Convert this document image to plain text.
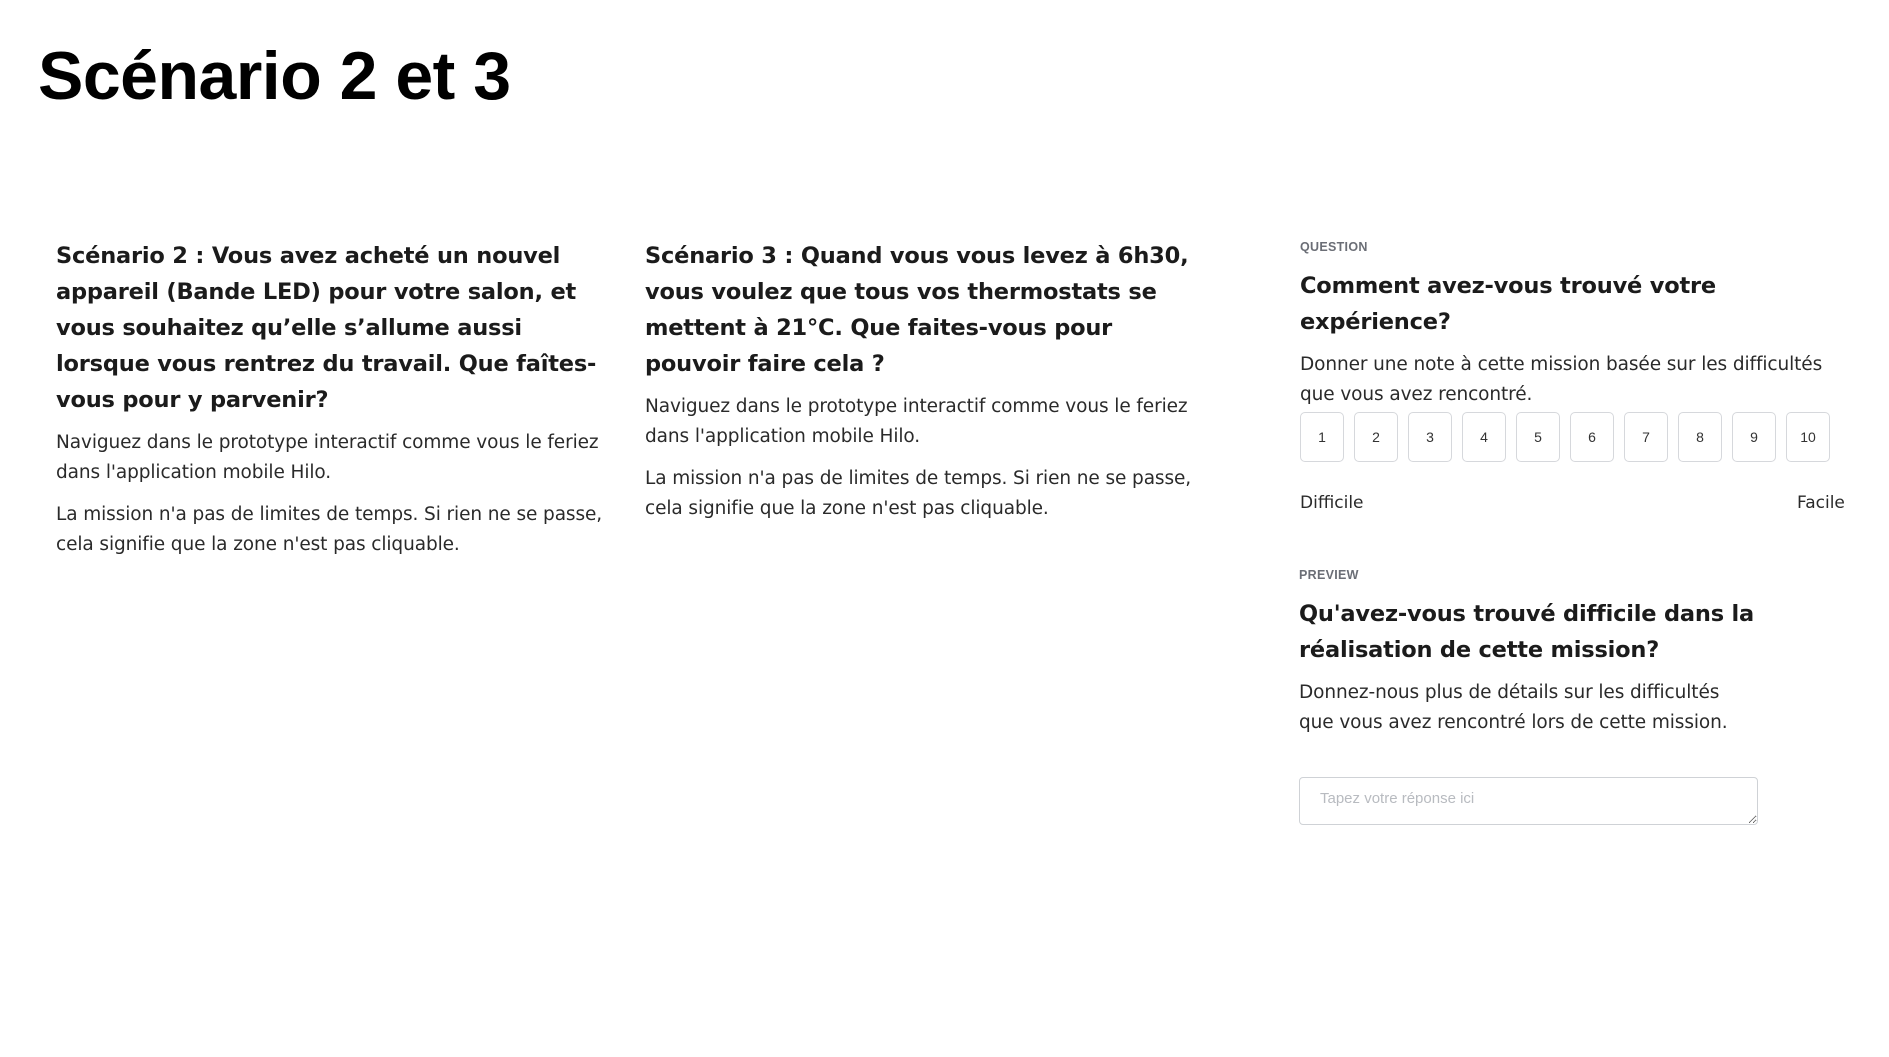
Scénario 2 et 3
Scénario 2 : Vous avez acheté un nouvel appareil (Bande LED) pour votre salon, et vous souhaitez qu’elle s’allume aussi lorsque vous rentrez du travail. Que faîtes-vous pour y parvenir?

Naviguez dans le prototype interactif comme vous le feriez dans l'application mobile Hilo.

La mission n'a pas de limites de temps. Si rien ne se passe, cela signifie que la zone n'est pas cliquable.

Scénario 3 : Quand vous vous levez à 6h30, vous voulez que tous vos thermostats se mettent à 21°C. Que faites-vous pour pouvoir faire cela ?

Naviguez dans le prototype interactif comme vous le feriez dans l'application mobile Hilo.

La mission n'a pas de limites de temps. Si rien ne se passe, cela signifie que la zone n'est pas cliquable.

QUESTION
Comment avez-vous trouvé votre expérience?

Donner une note à cette mission basée sur les difficultés que vous avez rencontré.

1	2	3	4	5	6	7	8	9	10
Difficile	Facile
PREVIEW
Qu'avez-vous trouvé difficile dans la réalisation de cette mission?

Donnez-nous plus de détails sur les difficultés que vous avez rencontré lors de cette mission.

Tapez votre réponse ici
